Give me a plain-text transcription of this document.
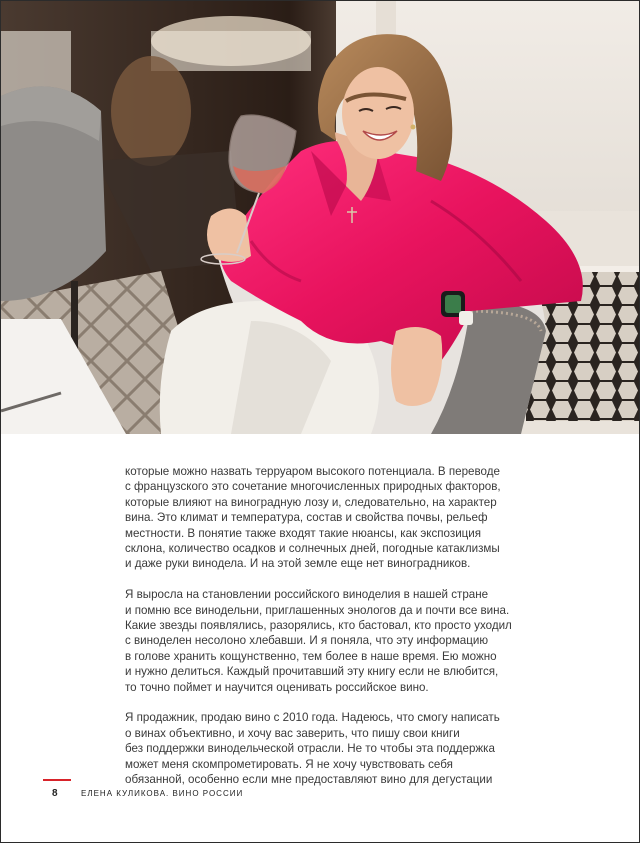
которые можно назвать терруаром высокого потенциала. В переводе
с французского это сочетание многочисленных природных факторов,
которые влияют на виноградную лозу и, следовательно, на характер
вина. Это климат и температура, состав и свойства почвы, рельеф
местности. В понятие также входят такие нюансы, как экспозиция
склона, количество осадков и солнечных дней, погодные катаклизмы
и даже руки винодела. И на этой земле еще нет виноградников.

Я выросла на становлении российского виноделия в нашей стране
и помню все винодельни, приглашенных энологов да и почти все вина.
Какие звезды появлялись, разорялись, кто бастовал, кто просто уходил
с виноделен несолоно хлебавши. И я поняла, что эту информацию
в голове хранить кощунственно, тем более в наше время. Ею можно
и нужно делиться. Каждый прочитавший эту книгу если не влюбится,
то точно поймет и научится оценивать российское вино.

Я продажник, продаю вино с 2010 года. Надеюсь, что смогу написать
о винах объективно, и хочу вас заверить, что пишу свои книги
без поддержки винодельческой отрасли. Не то чтобы эта поддержка
может меня скомпрометировать. Я не хочу чувствовать себя
обязанной, особенно если мне предоставляют вино для дегустации

8	ЕЛЕНА КУЛИКОВА. ВИНО РОССИИ
